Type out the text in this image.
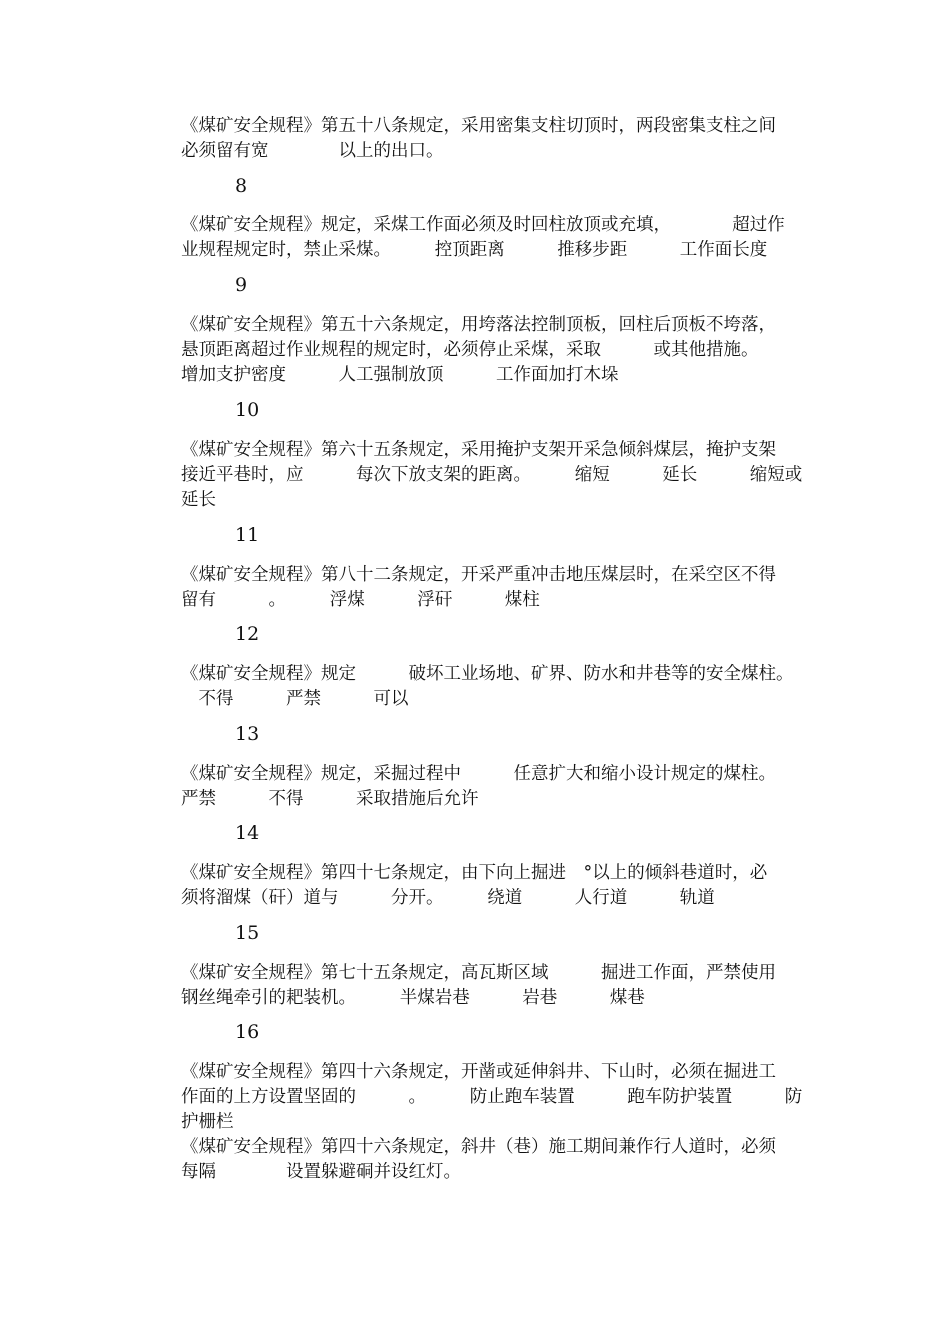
《煤矿安全规程》第五十八条规定，采用密集支柱切顶时，两段密集支柱之间
必须留有宽　　　　以上的出口。
8
《煤矿安全规程》规定，采煤工作面必须及时回柱放顶或充填，　　　　超过作
业规程规定时，禁止采煤。　　　控顶距离　　　推移步距　　　工作面长度
9
《煤矿安全规程》第五十六条规定，用垮落法控制顶板，回柱后顶板不垮落，
悬顶距离超过作业规程的规定时，必须停止采煤，采取　　　或其他措施。
增加支护密度　　　人工强制放顶　　　工作面加打木垛
10
《煤矿安全规程》第六十五条规定，采用掩护支架开采急倾斜煤层，掩护支架
接近平巷时，应　　　每次下放支架的距离。　　　缩短　　　延长　　　缩短或
延长
11
《煤矿安全规程》第八十二条规定，开采严重冲击地压煤层时，在采空区不得
留有　　　。　　　浮煤　　　浮矸　　　煤柱
12
《煤矿安全规程》规定　　　破坏工业场地、矿界、防水和井巷等的安全煤柱。
　不得　　　严禁　　　可以
13
《煤矿安全规程》规定，采掘过程中　　　任意扩大和缩小设计规定的煤柱。
严禁　　　不得　　　采取措施后允许
14
《煤矿安全规程》第四十七条规定，由下向上掘进　°以上的倾斜巷道时，必
须将溜煤（矸）道与　　　分开。　　　绕道　　　人行道　　　轨道
15
《煤矿安全规程》第七十五条规定，高瓦斯区域　　　掘进工作面，严禁使用
钢丝绳牵引的耙装机。　　　半煤岩巷　　　岩巷　　　煤巷
16
《煤矿安全规程》第四十六条规定，开凿或延伸斜井、下山时，必须在掘进工
作面的上方设置坚固的　　　。　　　防止跑车装置　　　跑车防护装置　　　防
护栅栏
《煤矿安全规程》第四十六条规定，斜井（巷）施工期间兼作行人道时，必须
每隔　　　　设置躲避硐并设红灯。
